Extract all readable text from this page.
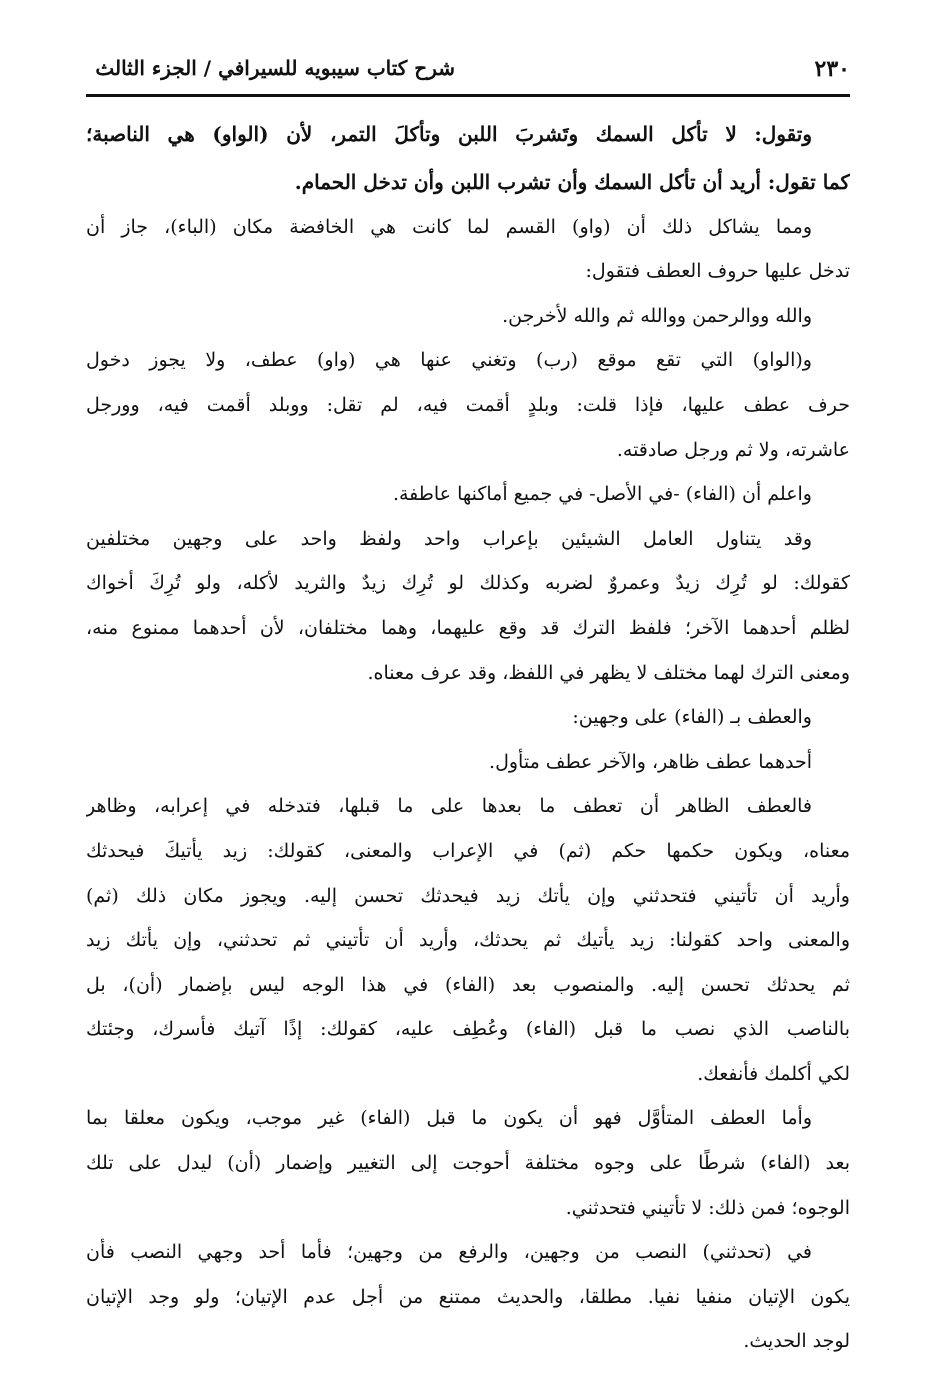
شرح كتاب سيبويه للسيرافي / الجزء الثالث	٢٣٠
وتقول: لا تأكل السمك وتَشربَ اللبن وتأكلَ التمر، لأن (الواو) هي الناصبة؛
كما تقول: أريد أن تأكل السمك وأن تشرب اللبن وأن تدخل الحمام.
ومما يشاكل ذلك أن (واو) القسم لما كانت هي الخافضة مكان (الباء)، جاز أن
تدخل عليها حروف العطف فتقول:
والله ووالرحمن ووالله ثم والله لأخرجن.
و(الواو) التي تقع موقع (رب) وتغني عنها هي (واو) عطف، ولا يجوز دخول
حرف عطف عليها، فإذا قلت: وبلدٍ أقمت فيه، لم تقل: ووبلد أقمت فيه، وورجل
عاشرته، ولا ثم ورجل صادقته.
واعلم أن (الفاء) -في الأصل- في جميع أماكنها عاطفة.
وقد يتناول العامل الشيئين بإعراب واحد ولفظ واحد على وجهين مختلفين
كقولك: لو تُرِك زيدٌ وعمروٌ لضربه وكذلك لو تُرِك زيدٌ والثريد لأكله، ولو تُرِكَ أخواك
لظلم أحدهما الآخر؛ فلفظ الترك قد وقع عليهما، وهما مختلفان، لأن أحدهما ممنوع منه،
ومعنى الترك لهما مختلف لا يظهر في اللفظ، وقد عرف معناه.
والعطف بـ (الفاء) على وجهين:
أحدهما عطف ظاهر، والآخر عطف متأول.
فالعطف الظاهر أن تعطف ما بعدها على ما قبلها، فتدخله في إعرابه، وظاهر
معناه، ويكون حكمها حكم (ثم) في الإعراب والمعنى، كقولك: زيد يأتيكَ فيحدثك
وأريد أن تأتيني فتحدثني وإن يأتك زيد فيحدثك تحسن إليه. ويجوز مكان ذلك (ثم)
والمعنى واحد كقولنا: زيد يأتيك ثم يحدثك، وأريد أن تأتيني ثم تحدثني، وإن يأتك زيد
ثم يحدثك تحسن إليه. والمنصوب بعد (الفاء) في هذا الوجه ليس بإضمار (أن)، بل
بالناصب الذي نصب ما قبل (الفاء) وعُطِف عليه، كقولك: إذًا آتيك فأسرك، وجئتك
لكي أكلمك فأنفعك.
وأما العطف المتأوَّل فهو أن يكون ما قبل (الفاء) غير موجب، ويكون معلقا بما
بعد (الفاء) شرطًا على وجوه مختلفة أحوجت إلى التغيير وإضمار (أن) ليدل على تلك
الوجوه؛ فمن ذلك: لا تأتيني فتحدثني.
في (تحدثني) النصب من وجهين، والرفع من وجهين؛ فأما أحد وجهي النصب فأن
يكون الإتيان منفيا نفيا. مطلقا، والحديث ممتنع من أجل عدم الإتيان؛ ولو وجد الإتيان
لوجد الحديث.
